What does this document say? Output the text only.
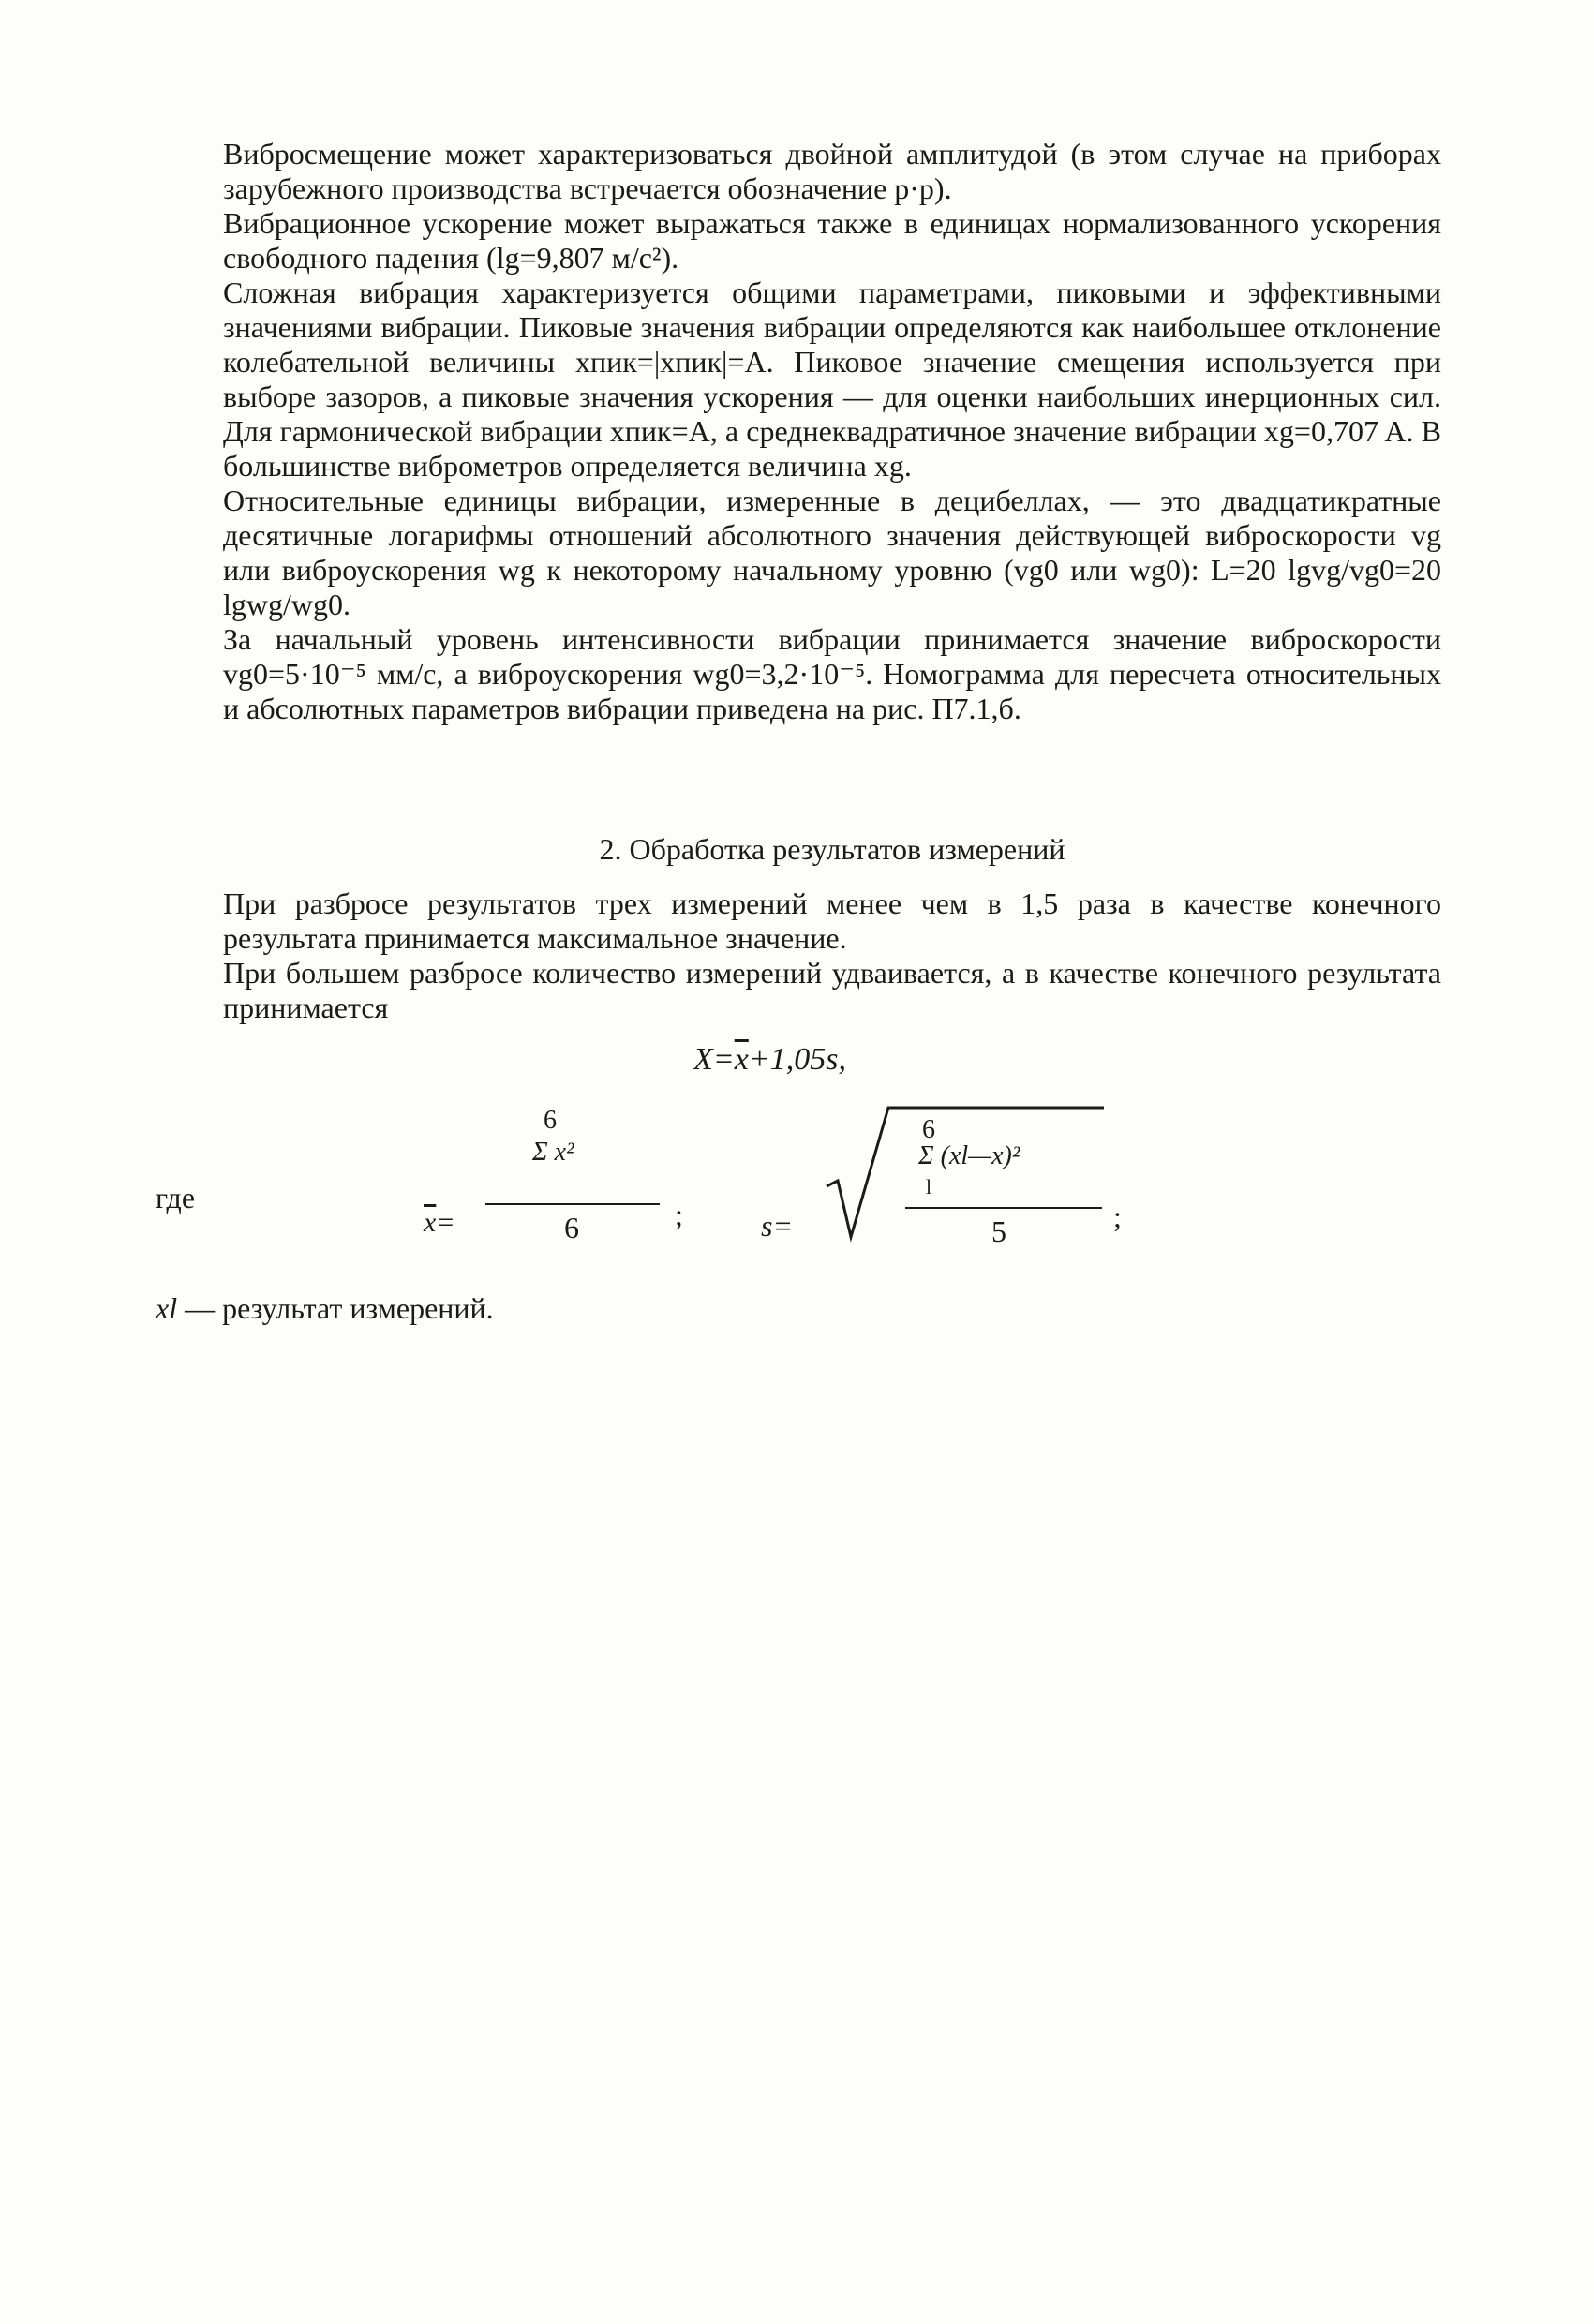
Виброcмещение может характеризоваться двойной амплитудой (в этом случае на приборах зарубежного производства встречается обозначение p·p).

Вибрационное ускорение может выражаться также в единицах нормализованного ускорения свободного падения (lg=9,807 м/с²).

Сложная вибрация характеризуется общими параметрами, пиковыми и эффективными значениями вибрации. Пиковые значения вибрации определяются как наибольшее отклонение колебательной величины xпик=|xпик|=A. Пиковое значение смещения используется при выборе зазоров, а пиковые значения ускорения — для оценки наибольших инерционных сил. Для гармонической вибрации xпик=A, а среднеквадратичное значение вибрации xg=0,707 A. В большинстве виброметров определяется величина xg.

Относительные единицы вибрации, измеренные в децибеллах, — это двадцатикратные десятичные логарифмы отношений абсолютного значения действующей виброскорости vg или виброускорения wg к некоторому начальному уровню (vg0 или wg0): L=20 lgvg/vg0=20 lgwg/wg0.

За начальный уровень интенсивности вибрации принимается значение виброскорости vg0=5·10⁻⁵ мм/с, а виброускорения wg0=3,2·10⁻⁵. Номограмма для пересчета относительных и абсолютных параметров вибрации приведена на рис. П7.1,б.

2. Обработка результатов измерений

При разбросе результатов трех измерений менее чем в 1,5 раза в качестве конечного результата принимается максимальное значение.

При большем разбросе количество измерений удваивается, а в качестве конечного результата принимается

$X=\overline{x}+1,05s$,
где
$\overline{x}=$
6
Σ x²
6	;	s=
6
Σ (xl—x)²
l
5	;
xl — результат измерений.
